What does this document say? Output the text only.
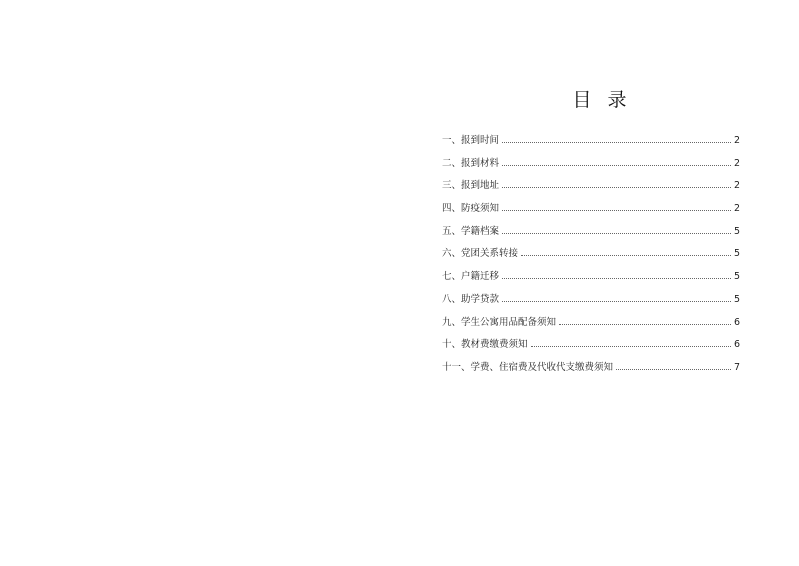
目录
一、报到时间	2
二、报到材料	2
三、报到地址	2
四、防疫须知	2
五、学籍档案	5
六、党团关系转接	5
七、户籍迁移	5
八、助学贷款	5
九、学生公寓用品配备须知	6
十、教材费缴费须知	6
十一、学费、住宿费及代收代支缴费须知	7
